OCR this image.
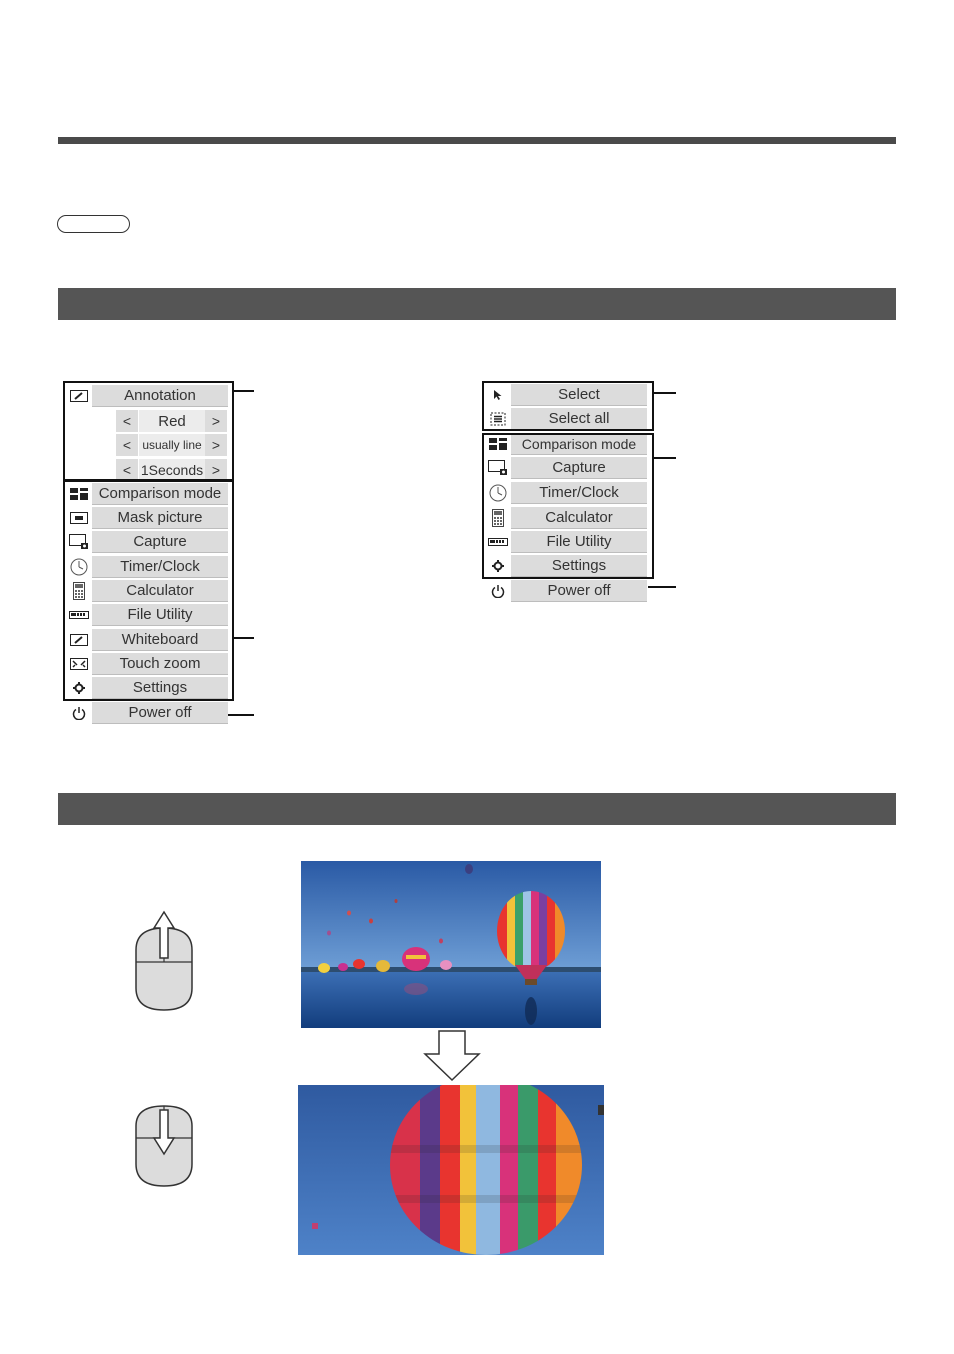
Annotation
<	Red	>
< usually line >
< 1Seconds >
Comparison mode
Mask picture
Capture
Timer/Clock
Calculator
File Utility
Whiteboard
Touch zoom
Settings
Power off
Select
Select all
Comparison mode
Capture
Timer/Clock
Calculator
File Utility
Settings
Power off
